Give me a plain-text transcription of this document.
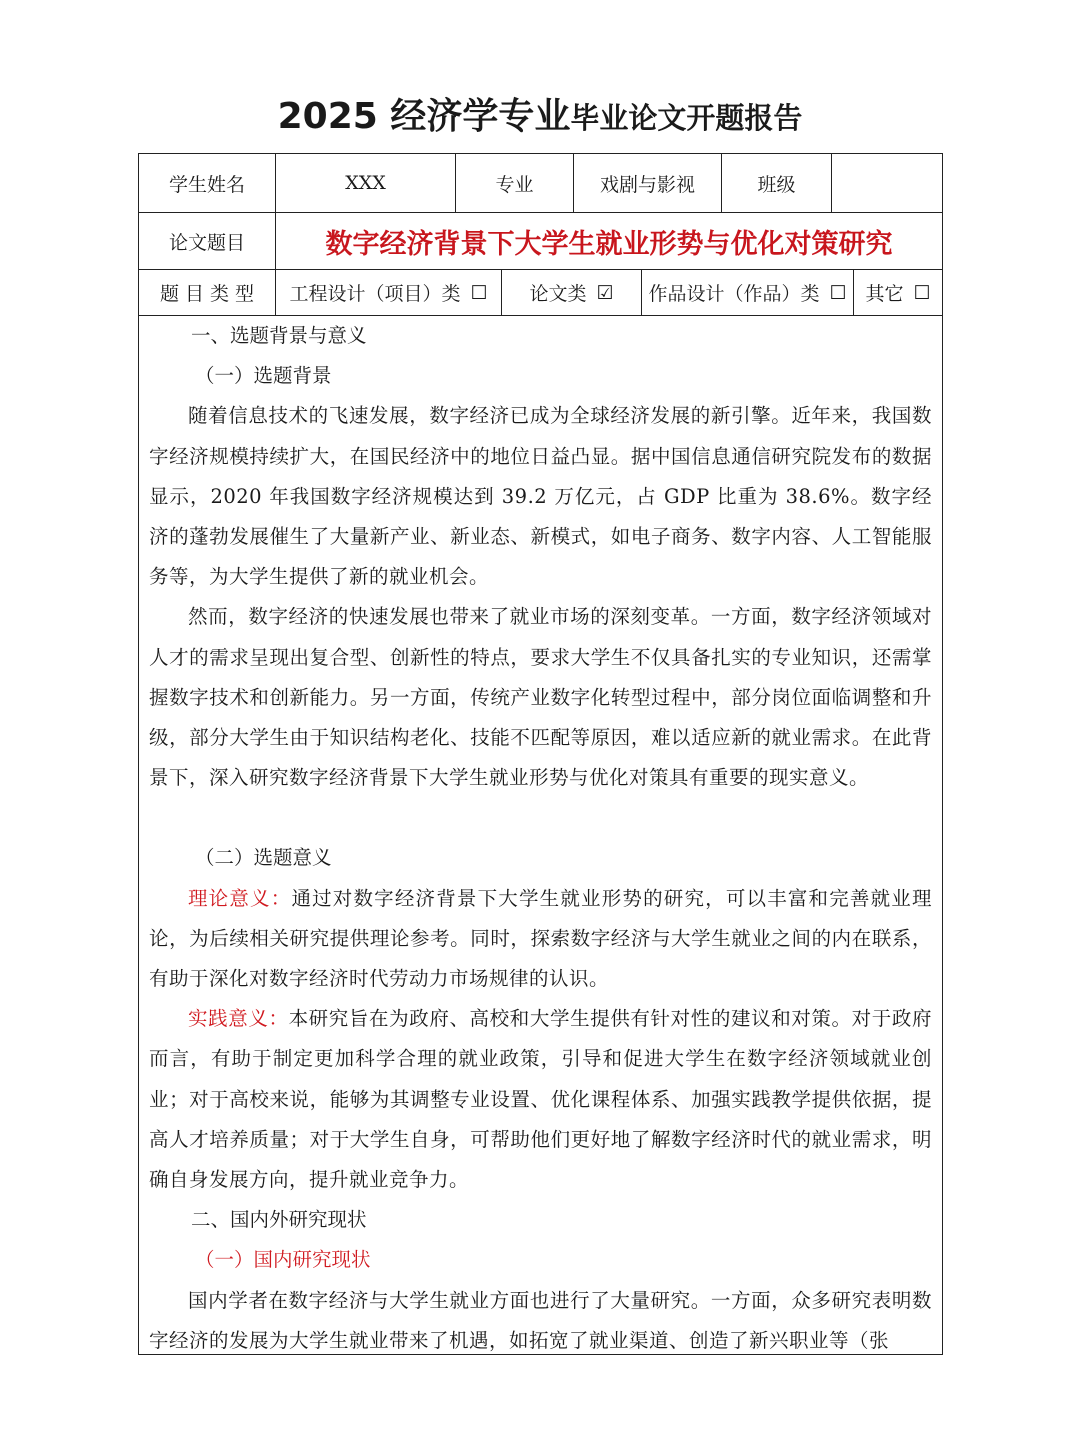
2025 经济学专业毕业论文开题报告
学生姓名	XXX	专业	戏剧与影视	班级
论文题目	数字经济背景下大学生就业形势与优化对策研究
题 目 类 型	工程设计（项目）类 ☐ 论文类 ☑ 作品设计（作品）类 ☐ 其它 ☐

一、选题背景与意义

（一）选题背景

随着信息技术的飞速发展，数字经济已成为全球经济发展的新引擎。近年来，我国数字经济规模持续扩大，在国民经济中的地位日益凸显。据中国信息通信研究院发布的数据显示，2020 年我国数字经济规模达到 39.2 万亿元，占 GDP 比重为 38.6%。数字经济的蓬勃发展催生了大量新产业、新业态、新模式，如电子商务、数字内容、人工智能服务等，为大学生提供了新的就业机会。

然而，数字经济的快速发展也带来了就业市场的深刻变革。一方面，数字经济领域对人才的需求呈现出复合型、创新性的特点，要求大学生不仅具备扎实的专业知识，还需掌握数字技术和创新能力。另一方面，传统产业数字化转型过程中，部分岗位面临调整和升级，部分大学生由于知识结构老化、技能不匹配等原因，难以适应新的就业需求。在此背景下，深入研究数字经济背景下大学生就业形势与优化对策具有重要的现实意义。

（二）选题意义

理论意义：通过对数字经济背景下大学生就业形势的研究，可以丰富和完善就业理论，为后续相关研究提供理论参考。同时，探索数字经济与大学生就业之间的内在联系，有助于深化对数字经济时代劳动力市场规律的认识。

实践意义：本研究旨在为政府、高校和大学生提供有针对性的建议和对策。对于政府而言，有助于制定更加科学合理的就业政策，引导和促进大学生在数字经济领域就业创业；对于高校来说，能够为其调整专业设置、优化课程体系、加强实践教学提供依据，提高人才培养质量；对于大学生自身，可帮助他们更好地了解数字经济时代的就业需求，明确自身发展方向，提升就业竞争力。

二、国内外研究现状

（一）国内研究现状

国内学者在数字经济与大学生就业方面也进行了大量研究。一方面，众多研究表明数字经济的发展为大学生就业带来了机遇，如拓宽了就业渠道、创造了新兴职业等（张
